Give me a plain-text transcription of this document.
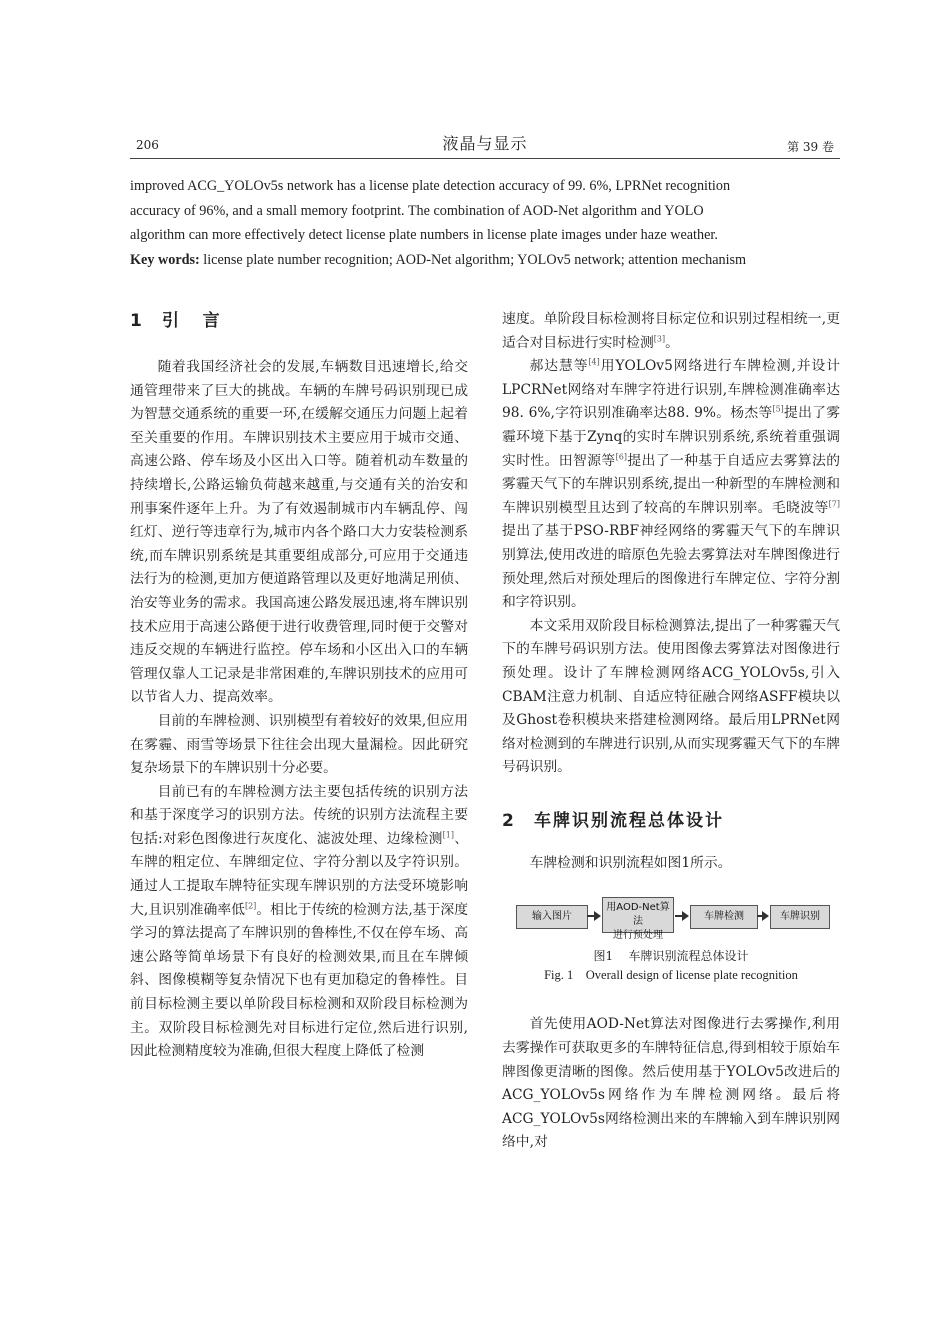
206	液晶与显示	第 39 卷

improved ACG_YOLOv5s network has a license plate detection accuracy of 99. 6%, LPRNet recognition

accuracy of 96%, and a small memory footprint. The combination of AOD-Net algorithm and YOLO

algorithm can more effectively detect license plate numbers in license plate images under haze weather.

Key words: license plate number recognition; AOD-Net algorithm; YOLOv5 network; attention mechanism

1 引    言

随着我国经济社会的发展,车辆数目迅速增长,给交通管理带来了巨大的挑战。车辆的车牌号码识别现已成为智慧交通系统的重要一环,在缓解交通压力问题上起着至关重要的作用。车牌识别技术主要应用于城市交通、高速公路、停车场及小区出入口等。随着机动车数量的持续增长,公路运输负荷越来越重,与交通有关的治安和刑事案件逐年上升。为了有效遏制城市内车辆乱停、闯红灯、逆行等违章行为,城市内各个路口大力安装检测系统,而车牌识别系统是其重要组成部分,可应用于交通违法行为的检测,更加方便道路管理以及更好地满足刑侦、治安等业务的需求。我国高速公路发展迅速,将车牌识别技术应用于高速公路便于进行收费管理,同时便于交警对违反交规的车辆进行监控。停车场和小区出入口的车辆管理仅靠人工记录是非常困难的,车牌识别技术的应用可以节省人力、提高效率。

目前的车牌检测、识别模型有着较好的效果,但应用在雾霾、雨雪等场景下往往会出现大量漏检。因此研究复杂场景下的车牌识别十分必要。

目前已有的车牌检测方法主要包括传统的识别方法和基于深度学习的识别方法。传统的识别方法流程主要包括:对彩色图像进行灰度化、滤波处理、边缘检测[1]、车牌的粗定位、车牌细定位、字符分割以及字符识别。通过人工提取车牌特征实现车牌识别的方法受环境影响大,且识别准确率低[2]。相比于传统的检测方法,基于深度学习的算法提高了车牌识别的鲁棒性,不仅在停车场、高速公路等简单场景下有良好的检测效果,而且在车牌倾斜、图像模糊等复杂情况下也有更加稳定的鲁棒性。目前目标检测主要以单阶段目标检测和双阶段目标检测为主。双阶段目标检测先对目标进行定位,然后进行识别,因此检测精度较为准确,但很大程度上降低了检测

速度。单阶段目标检测将目标定位和识别过程相统一,更适合对目标进行实时检测[3]。

郝达慧等[4]用YOLOv5网络进行车牌检测,并设计LPCRNet网络对车牌字符进行识别,车牌检测准确率达98. 6%,字符识别准确率达88. 9%。杨杰等[5]提出了雾霾环境下基于Zynq的实时车牌识别系统,系统着重强调实时性。田智源等[6]提出了一种基于自适应去雾算法的雾霾天气下的车牌识别系统,提出一种新型的车牌检测和车牌识别模型且达到了较高的车牌识别率。毛晓波等[7]提出了基于PSO-RBF神经网络的雾霾天气下的车牌识别算法,使用改进的暗原色先验去雾算法对车牌图像进行预处理,然后对预处理后的图像进行车牌定位、字符分割和字符识别。

本文采用双阶段目标检测算法,提出了一种雾霾天气下的车牌号码识别方法。使用图像去雾算法对图像进行预处理。设计了车牌检测网络ACG_YOLOv5s,引入CBAM注意力机制、自适应特征融合网络ASFF模块以及Ghost卷积模块来搭建检测网络。最后用LPRNet网络对检测到的车牌进行识别,从而实现雾霾天气下的车牌号码识别。

2 车牌识别流程总体设计

车牌检测和识别流程如图1所示。

输入图片
用AOD-Net算法
进行预处理
车牌检测	车牌识别
图1    车牌识别流程总体设计
Fig. 1    Overall design of license plate recognition

首先使用AOD-Net算法对图像进行去雾操作,利用去雾操作可获取更多的车牌特征信息,得到相较于原始车牌图像更清晰的图像。然后使用基于YOLOv5改进后的ACG_YOLOv5s网络作为车牌检测网络。最后将ACG_YOLOv5s网络检测出来的车牌输入到车牌识别网络中,对
